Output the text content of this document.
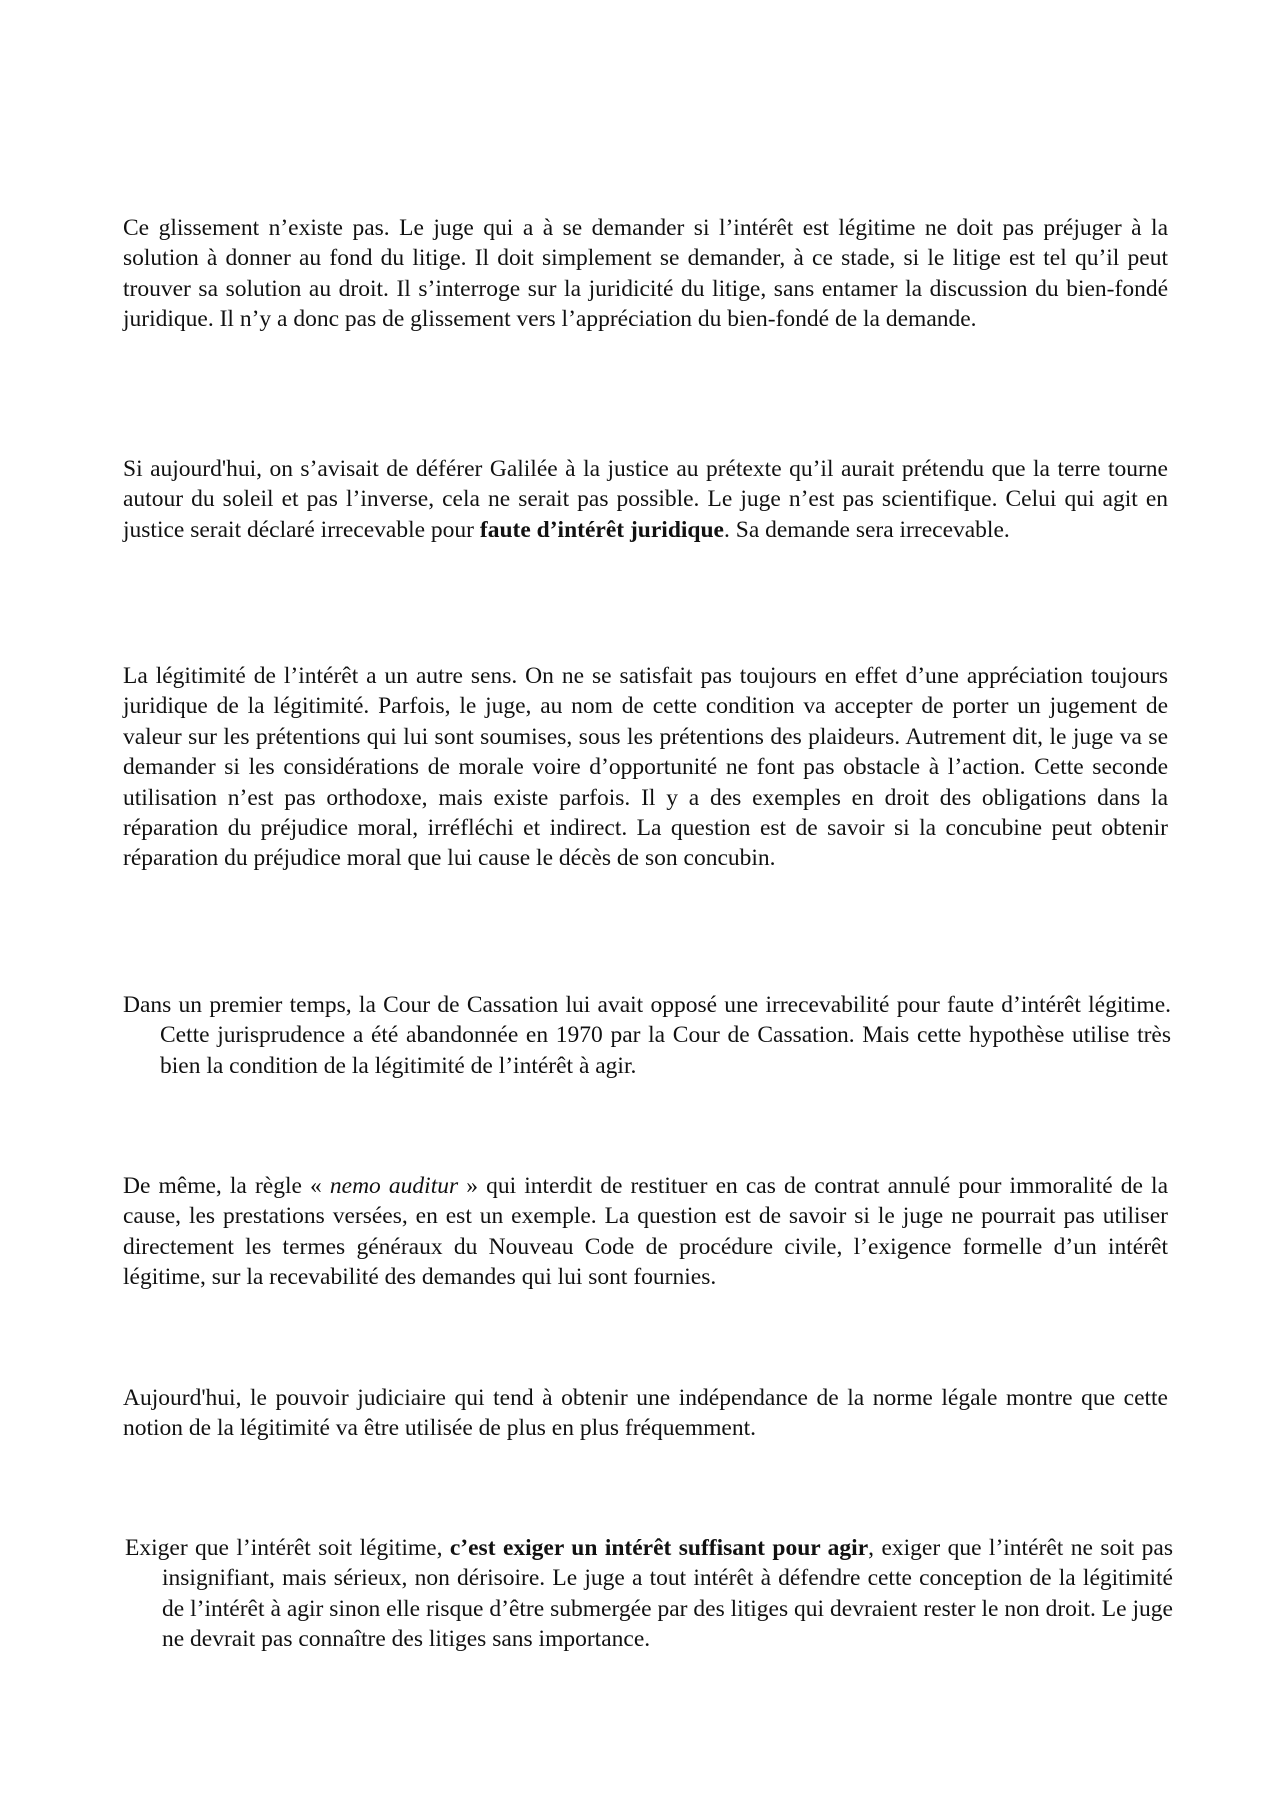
Ce glissement n’existe pas. Le juge qui a à se demander si l’intérêt est légitime ne doit pas préjuger à la solution à donner au fond du litige. Il doit simplement se demander, à ce stade, si le litige est tel qu’il peut trouver sa solution au droit. Il s’interroge sur la juridicité du litige, sans entamer la discussion du bien-fondé juridique. Il n’y a donc pas de glissement vers l’appréciation du bien-fondé de la demande.

Si aujourd'hui, on s’avisait de déférer Galilée à la justice au prétexte qu’il aurait prétendu que la terre tourne autour du soleil et pas l’inverse, cela ne serait pas possible. Le juge n’est pas scientifique. Celui qui agit en justice serait déclaré irrecevable pour faute d’intérêt juridique. Sa demande sera irrecevable.

La légitimité de l’intérêt a un autre sens. On ne se satisfait pas toujours en effet d’une appréciation toujours juridique de la légitimité. Parfois, le juge, au nom de cette condition va accepter de porter un jugement de valeur sur les prétentions qui lui sont soumises, sous les prétentions des plaideurs. Autrement dit, le juge va se demander si les considérations de morale voire d’opportunité ne font pas obstacle à l’action. Cette seconde utilisation n’est pas orthodoxe, mais existe parfois. Il y a des exemples en droit des obligations dans la réparation du préjudice moral, irréfléchi et indirect. La question est de savoir si la concubine peut obtenir réparation du préjudice moral que lui cause le décès de son concubin.

Dans un premier temps, la Cour de Cassation lui avait opposé une irrecevabilité pour faute d’intérêt légitime. Cette jurisprudence a été abandonnée en 1970 par la Cour de Cassation. Mais cette hypothèse utilise très bien la condition de la légitimité de l’intérêt à agir.

De même, la règle « nemo auditur » qui interdit de restituer en cas de contrat annulé pour immoralité de la cause, les prestations versées, en est un exemple. La question est de savoir si le juge ne pourrait pas utiliser directement les termes généraux du Nouveau Code de procédure civile, l’exigence formelle d’un intérêt légitime, sur la recevabilité des demandes qui lui sont fournies.

Aujourd'hui, le pouvoir judiciaire qui tend à obtenir une indépendance de la norme légale montre que cette notion de la légitimité va être utilisée de plus en plus fréquemment.

Exiger que l’intérêt soit légitime, c’est exiger un intérêt suffisant pour agir, exiger que l’intérêt ne soit pas insignifiant, mais sérieux, non dérisoire. Le juge a tout intérêt à défendre cette conception de la légitimité de l’intérêt à agir sinon elle risque d’être submergée par des litiges qui devraient rester le non droit. Le juge ne devrait pas connaître des litiges sans importance.
